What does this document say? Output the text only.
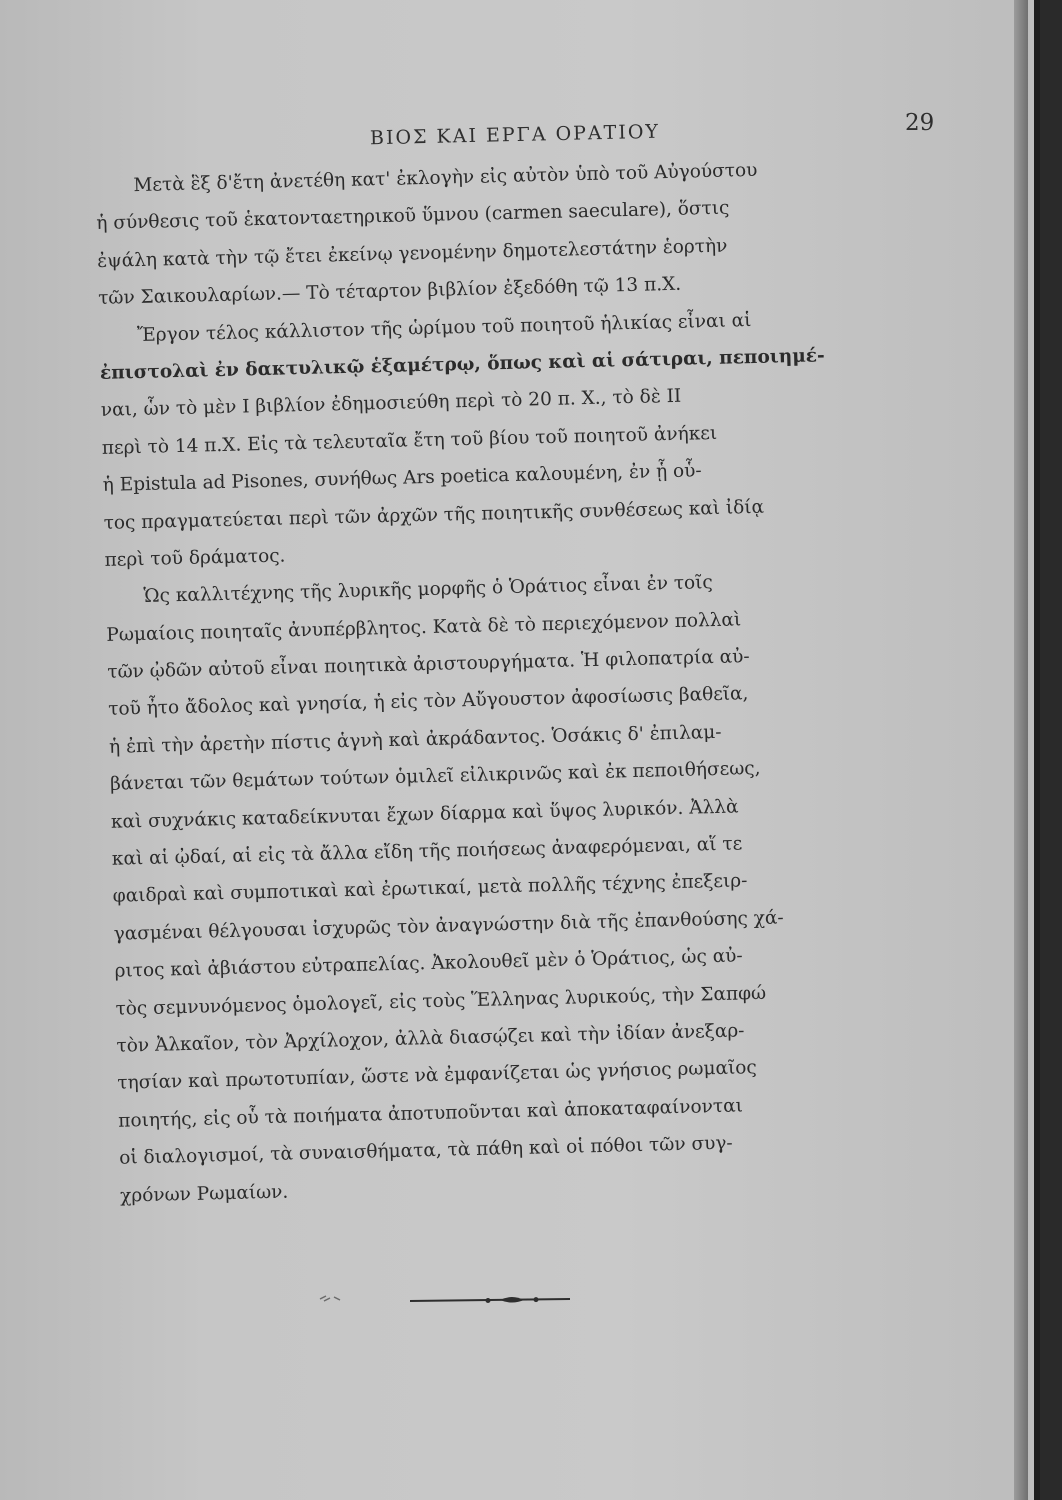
ΒΙΟΣ ΚΑΙ ΕΡΓΑ ΟΡΑΤΙΟΥ	29
Μετὰ ἓξ δ'ἔτη ἀνετέθη κατ' ἐκλογὴν εἰς αὐτὸν ὑπὸ τοῦ Αὐγούστου
ἡ σύνθεσις τοῦ ἑκατονταετηρικοῦ ὕμνου (carmen saeculare), ὅστις
ἐψάλη κατὰ τὴν τῷ ἔτει ἐκείνῳ γενομένην δημοτελεστάτην ἑορτὴν
τῶν Σαικουλαρίων.— Τὸ τέταρτον βιβλίον ἐξεδόθη τῷ 13 π.Χ.
Ἔργον τέλος κάλλιστον τῆς ὡρίμου τοῦ ποιητοῦ ἡλικίας εἶναι αἱ
ἐπιστολαὶ ἐν δακτυλικῷ ἑξαμέτρῳ, ὅπως καὶ αἱ σάτιραι, πεποιημέ-
ναι, ὧν τὸ μὲν Ι βιβλίον ἐδημοσιεύθη περὶ τὸ 20 π. Χ., τὸ δὲ ΙΙ
περὶ τὸ 14 π.Χ. Εἰς τὰ τελευταῖα ἔτη τοῦ βίου τοῦ ποιητοῦ ἀνήκει
ἡ Epistula ad Pisones, συνήθως Ars poetica καλουμένη, ἐν ᾗ οὗ-
τος πραγματεύεται περὶ τῶν ἀρχῶν τῆς ποιητικῆς συνθέσεως καὶ ἰδίᾳ
περὶ τοῦ δράματος.
Ὡς καλλιτέχνης τῆς λυρικῆς μορφῆς ὁ Ὁράτιος εἶναι ἐν τοῖς
Ρωμαίοις ποιηταῖς ἀνυπέρβλητος. Κατὰ δὲ τὸ περιεχόμενον πολλαὶ
τῶν ᾠδῶν αὐτοῦ εἶναι ποιητικὰ ἀριστουργήματα. Ἡ φιλοπατρία αὐ-
τοῦ ἦτο ἄδολος καὶ γνησία, ἡ εἰς τὸν Αὔγουστον ἀφοσίωσις βαθεῖα,
ἡ ἐπὶ τὴν ἀρετὴν πίστις ἁγνὴ καὶ ἀκράδαντος. Ὁσάκις δ' ἐπιλαμ-
βάνεται τῶν θεμάτων τούτων ὁμιλεῖ εἰλικρινῶς καὶ ἐκ πεποιθήσεως,
καὶ συχνάκις καταδείκνυται ἔχων δίαρμα καὶ ὕψος λυρικόν. Ἀλλὰ
καὶ αἱ ᾠδαί, αἱ εἰς τὰ ἄλλα εἴδη τῆς ποιήσεως ἀναφερόμεναι, αἵ τε
φαιδραὶ καὶ συμποτικαὶ καὶ ἐρωτικαί, μετὰ πολλῆς τέχνης ἐπεξειρ-
γασμέναι θέλγουσαι ἰσχυρῶς τὸν ἀναγνώστην διὰ τῆς ἐπανθούσης χά-
ριτος καὶ ἀβιάστου εὐτραπελίας. Ἀκολουθεῖ μὲν ὁ Ὁράτιος, ὡς αὐ-
τὸς σεμνυνόμενος ὁμολογεῖ, εἰς τοὺς Ἕλληνας λυρικούς, τὴν Σαπφώ
τὸν Ἀλκαῖον, τὸν Ἀρχίλοχον, ἀλλὰ διασῴζει καὶ τὴν ἰδίαν ἀνεξαρ-
τησίαν καὶ πρωτοτυπίαν, ὥστε νὰ ἐμφανίζεται ὡς γνήσιος ρωμαῖος
ποιητής, εἰς οὗ τὰ ποιήματα ἀποτυποῦνται καὶ ἀποκαταφαίνονται
οἱ διαλογισμοί, τὰ συναισθήματα, τὰ πάθη καὶ οἱ πόθοι τῶν συγ-
χρόνων Ρωμαίων.
